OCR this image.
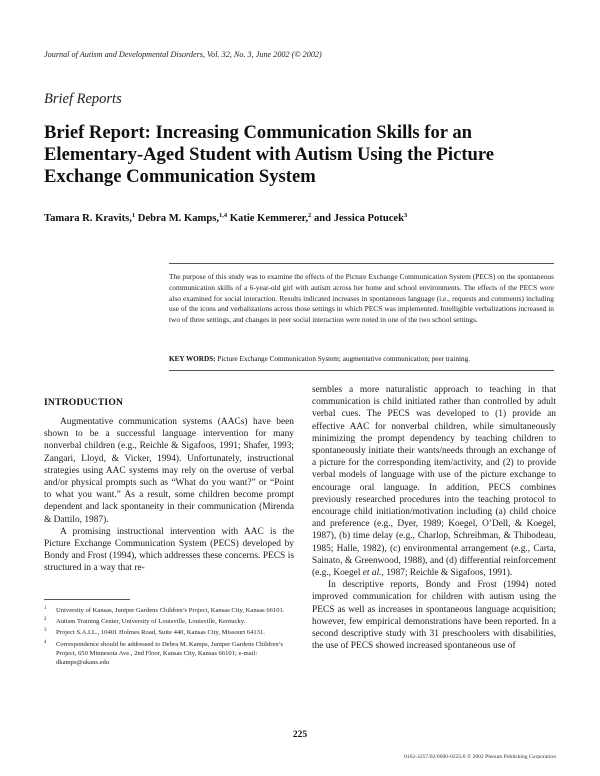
Journal of Autism and Developmental Disorders, Vol. 32, No. 3, June 2002 (© 2002)
Brief Reports
Brief Report: Increasing Communication Skills for an Elementary-Aged Student with Autism Using the Picture Exchange Communication System
Tamara R. Kravits,$^1$ Debra M. Kamps,$^{1,4}$ Katie Kemmerer,$^2$ and Jessica Potucek$^3$
The purpose of this study was to examine the effects of the Picture Exchange Communication System (PECS) on the spontaneous communication skills of a 6-year-old girl with autism across her home and school environments. The effects of the PECS were also examined for social interaction. Results indicated increases in spontaneous language (i.e., requests and comments) including use of the icons and verbalizations across those settings in which PECS was implemented. Intelligible verbalizations increased in two of three settings, and changes in peer social interaction were noted in one of the two school settings.
KEY WORDS: Picture Exchange Communication System; augmentative communication; peer training.
INTRODUCTION

Augmentative communication systems (AACs) have been shown to be a successful language intervention for many nonverbal children (e.g., Reichle & Sigafoos, 1991; Shafer, 1993; Zangari, Lloyd, & Vicker, 1994). Unfortunately, instructional strategies using AAC systems may rely on the overuse of verbal and/or physical prompts such as “What do you want?” or “Point to what you want.” As a result, some children become prompt dependent and lack spontaneity in their communication (Mirenda & Dattilo, 1987).

A promising instructional intervention with AAC is the Picture Exchange Communication System (PECS) developed by Bondy and Frost (1994), which addresses these concerns. PECS is structured in a way that re-

sembles a more naturalistic approach to teaching in that communication is child initiated rather than controlled by adult verbal cues. The PECS was developed to (1) provide an effective AAC for nonverbal children, while simultaneously minimizing the prompt dependency by teaching children to spontaneously initiate their wants/needs through an exchange of a picture for the corresponding item/activity, and (2) to provide verbal models of language with use of the picture exchange to encourage oral language. In addition, PECS combines previously researched procedures into the teaching protocol to encourage child initiation/motivation including (a) child choice and preference (e.g., Dyer, 1989; Koegel, O’Dell, & Koegel, 1987), (b) time delay (e.g., Charlop, Schreibman, & Thibodeau, 1985; Halle, 1982), (c) environmental arrangement (e.g., Carta, Sainato, & Greenwood, 1988), and (d) differential reinforcement (e.g., Koegel et al., 1987; Reichle & Sigafoos, 1991).

In descriptive reports, Bondy and Frost (1994) noted improved communication for children with autism using the PECS as well as increases in spontaneous language acquisition; however, few empirical demonstrations have been reported. In a second descriptive study with 31 preschoolers with disabilities, the use of PECS showed increased spontaneous use of

$^1$ University of Kansas, Juniper Gardens Children’s Project, Kansas City, Kansas 66101.
$^2$ Autism Training Center, University of Louisville, Louisville, Kentucky.
$^3$ Project S.A.I.L., 10401 Holmes Road, Suite 440, Kansas City, Missouri 64131.
$^4$ Correspondence should be addressed to Debra M. Kamps, Juniper Gardens Children’s Project, 650 Minnesota Ave., 2nd Floor, Kansas City, Kansas 66101; e-mail: dkamps@ukans.edu
225
0162-3257/02/0600-0225/0 © 2002 Plenum Publishing Corporation
